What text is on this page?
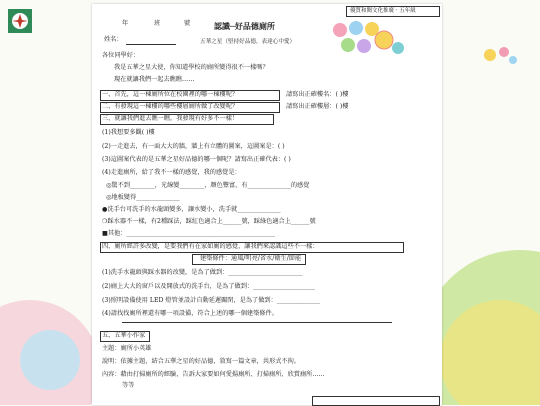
優質和閱文化推廣 · 五年級
年	班	號	認識─好品德廁所
姓名：	五華之星（堅持好品德，表達心中愛）
各位同學好：
我是五華之星大使，你知道學校的廁所變得很不一樣嗎？
現在就讓我們一起去瞧瞧……
一、首先，這一棟廁所位在校園裡的哪一棟樓呢？	請寫出正確樓名：( )樓
二、有發現這一棟樓的哪些樓層廁所做了改變呢？	請寫出正確樓層：( )樓
三、就讓我們進去瞧一瞧，我發現有好多不一樣！
(1)我想要多觀( )樓
(2)一走進去，有一面大大的牆，牆上有立體的圖案，這圖案是：( )
(3)這圖案代表的是五華之星好品德的哪一個呢？請寫出正確代表：( )
(4)走進廁所，給了我不一樣的感覺，我的感覺是：
◎驚不到________，光線變________，顏色豐富，有______________的感覺
◎地板變得______________
●洗手台可洗手的水龍頭變多，讓水變小，洗手就______________
❍踩水器不一樣，有2種踩法，踩紅色適合上______號，踩綠色適合上______號
■其他：________________________________________________
四、廁所經許多改變，是要我們有在家如廁的感覺，讓我們來認識這些不一樣：
建築條件：通風/明亮/省水/衛生/節能
(1)洗手水龍頭與踩水器的改變，是為了做到：________________________
(2)廁上大大的窗戶以及開放式的洗手台，是為了做到：____________________
(3)照明設備使用 LED 燈管並設計自動延遲關閉，是為了做到：______________
(4)請找找廁所裡還有哪一項設備，符合上述的哪一個建築條件。
五、五華小作家
主題：廁所小英雄
說明：依據主題，結合五華之星的好品德，敘寫一篇文章，共形式不拘。
內容：藉由打掃廁所的經驗，告訴大家要如何愛揚廁所、打掃廁所、欣賞廁所……
等等
